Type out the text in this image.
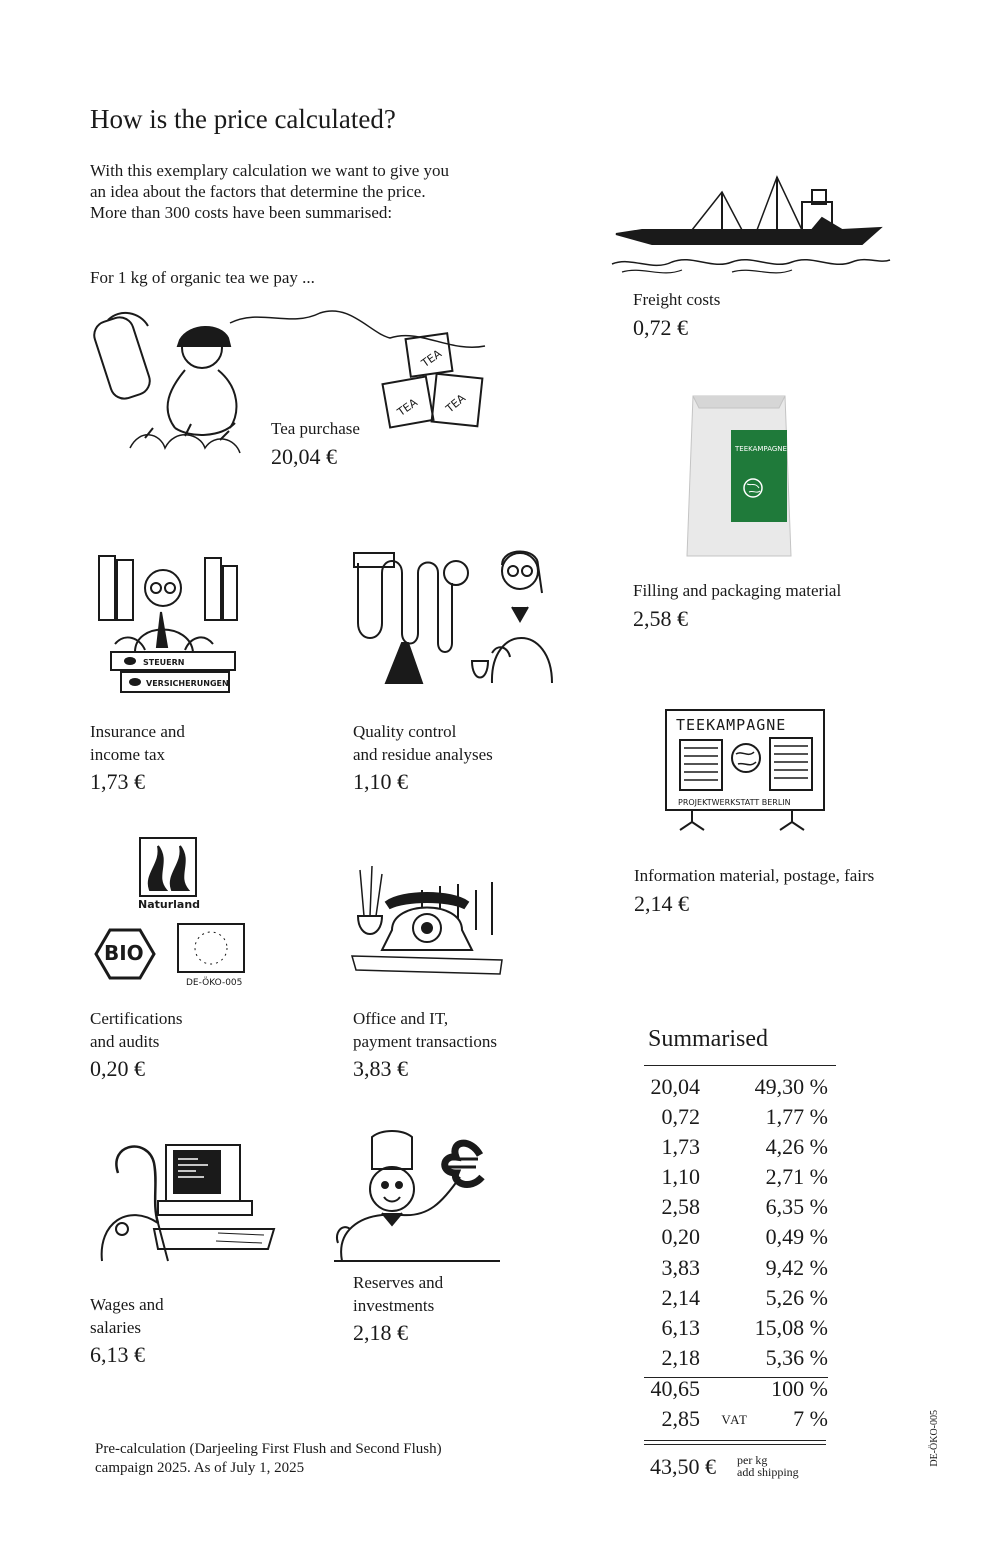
How is the price calculated?
With this exemplary calculation we want to give you
an idea about the factors that determine the price.
More than 300 costs have been summarised:
For 1 kg of organic tea we pay ...
TEA
TEA TEA
TEEKAMPAGNE
STEUERN
VERSICHERUNGEN
TEEKAMPAGNE
PROJEKTWERKSTATT BERLIN
Naturland
BIO
DE-ÖKO-005
Tea purchase
20,04 €
Freight costs
0,72 €
Filling and packaging material
2,58 €
Insurance and
income tax
1,73 €
Quality control
and residue analyses
1,10 €
Information material, postage, fairs
2,14 €
Certifications
and audits
0,20 €
Office and IT,
payment transactions
3,83 €
Wages and
salaries
6,13 €
Reserves and
investments
2,18 €
Summarised
20,04 49,30 %
0,72	1,77 %
1,73	4,26 %
1,10	2,71 %
2,58	6,35 %
0,20	0,49 %
3,83	9,42 %
2,14	5,26 %
6,13 15,08 %
2,18	5,36 %
40,65	100 %
2,85 VAT 7 %
43,50 € per kg
add shipping
Pre-calculation (Darjeeling First Flush and Second Flush)
campaign 2025. As of July 1, 2025
DE-ÖKO-005
